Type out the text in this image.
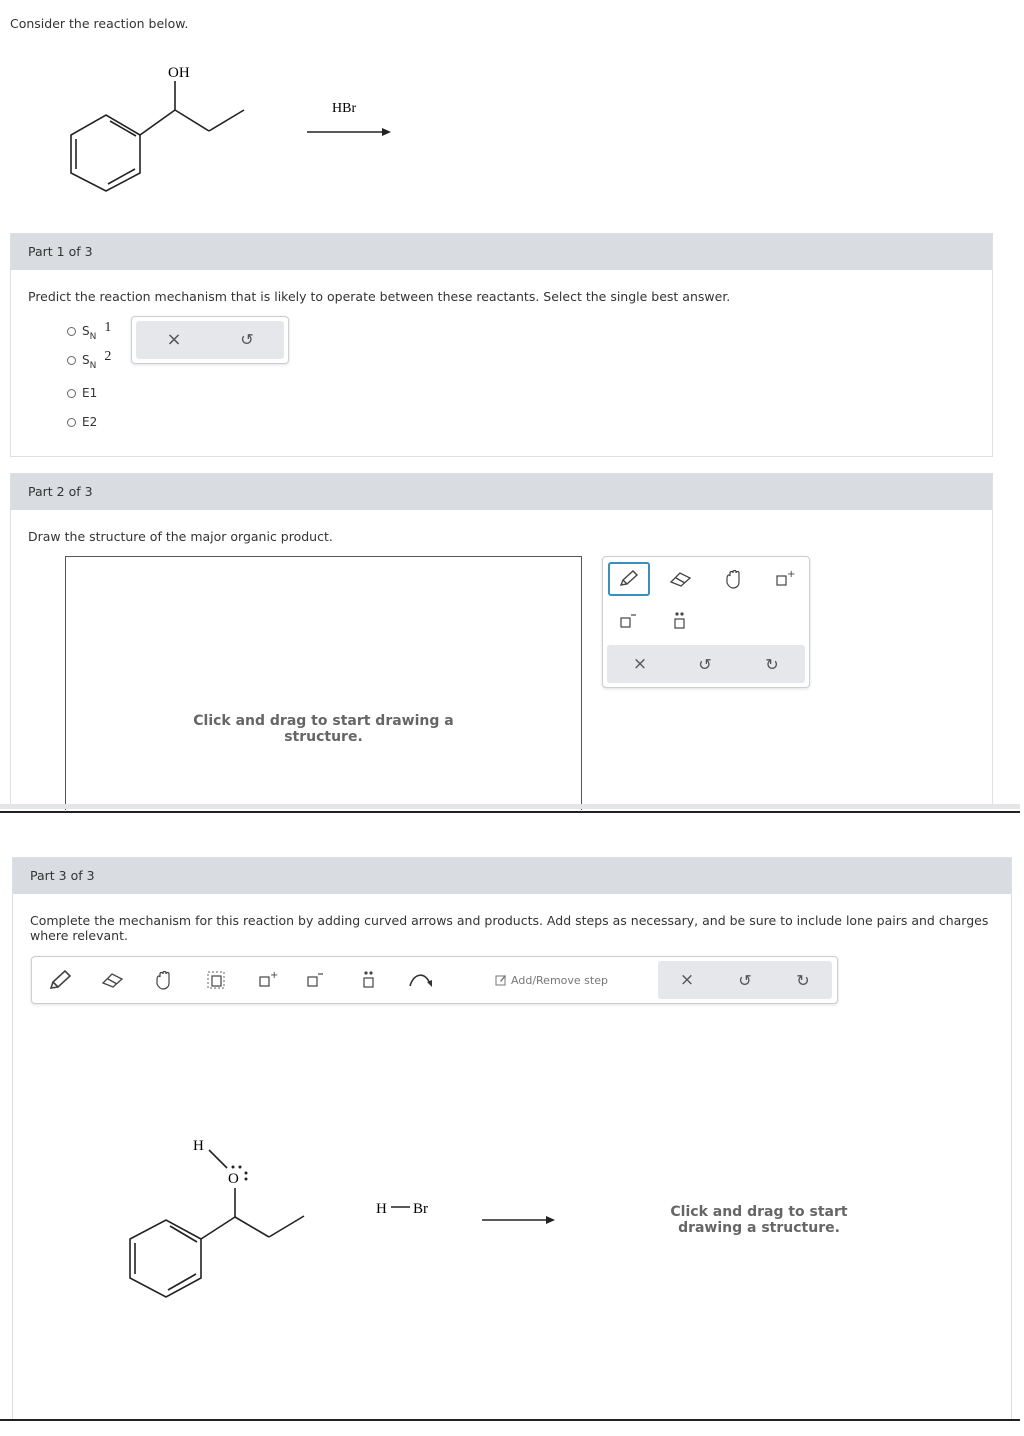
Consider the reaction below.
OH
HBr
Part 1 of 3
Predict the reaction mechanism that is likely to operate between these reactants. Select the single best answer.
$S_N$
1
$S_N$
2
E1
E2
×	↺
Part 2 of 3
Draw the structure of the major organic product.
Click and drag to start drawing a
structure.
+
×	↺	↻
Part 3 of 3
Complete the mechanism for this reaction by adding curved arrows and products. Add steps as necessary, and be sure to include lone pairs and charges
where relevant.
+	Add/Remove step	×	↺	↻
H
O
H Br	Click and drag to start
drawing a structure.
